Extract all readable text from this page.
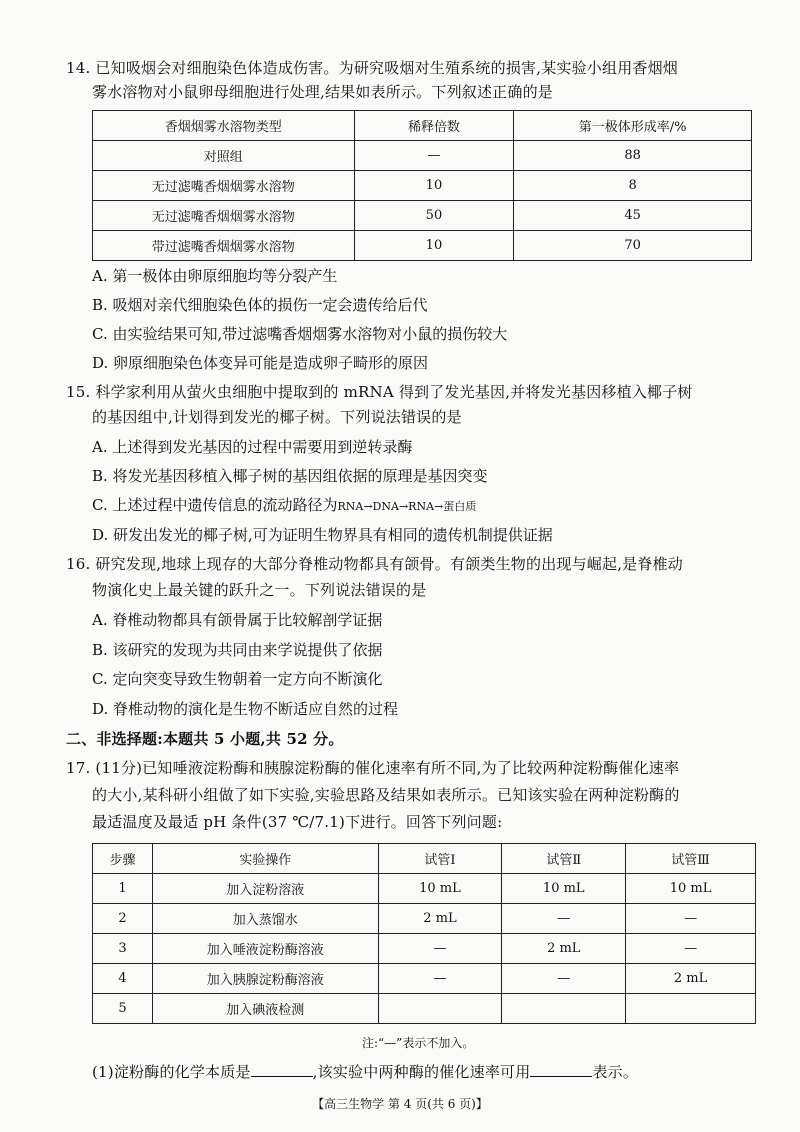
14. 已知吸烟会对细胞染色体造成伤害。为研究吸烟对生殖系统的损害,某实验小组用香烟烟
雾水溶物对小鼠卵母细胞进行处理,结果如表所示。下列叙述正确的是
香烟烟雾水溶物类型	稀释倍数	第一极体形成率/%
对照组	—	88
无过滤嘴香烟烟雾水溶物	10	8
无过滤嘴香烟烟雾水溶物	50	45
带过滤嘴香烟烟雾水溶物	10	70
A. 第一极体由卵原细胞均等分裂产生
B. 吸烟对亲代细胞染色体的损伤一定会遗传给后代
C. 由实验结果可知,带过滤嘴香烟烟雾水溶物对小鼠的损伤较大
D. 卵原细胞染色体变异可能是造成卵子畸形的原因
15. 科学家利用从萤火虫细胞中提取到的 mRNA 得到了发光基因,并将发光基因移植入椰子树
的基因组中,计划得到发光的椰子树。下列说法错误的是
A. 上述得到发光基因的过程中需要用到逆转录酶
B. 将发光基因移植入椰子树的基因组依据的原理是基因突变
C. 上述过程中遗传信息的流动路径为RNA→DNA→RNA→蛋白质
D. 研发出发光的椰子树,可为证明生物界具有相同的遗传机制提供证据
16. 研究发现,地球上现存的大部分脊椎动物都具有颌骨。有颌类生物的出现与崛起,是脊椎动
物演化史上最关键的跃升之一。下列说法错误的是
A. 脊椎动物都具有颌骨属于比较解剖学证据
B. 该研究的发现为共同由来学说提供了依据
C. 定向突变导致生物朝着一定方向不断演化
D. 脊椎动物的演化是生物不断适应自然的过程
二、非选择题:本题共 5 小题,共 52 分。
17. (11分)已知唾液淀粉酶和胰腺淀粉酶的催化速率有所不同,为了比较两种淀粉酶催化速率
的大小,某科研小组做了如下实验,实验思路及结果如表所示。已知该实验在两种淀粉酶的
最适温度及最适 pH 条件(37 ℃/7.1)下进行。回答下列问题:
步骤	实验操作	试管Ⅰ	试管Ⅱ	试管Ⅲ
1	加入淀粉溶液	10 mL	10 mL	10 mL
2	加入蒸馏水	2 mL	—	—
3	加入唾液淀粉酶溶液	—	2 mL	—
4	加入胰腺淀粉酶溶液	—	—	2 mL
5	加入碘液检测			
注:“—”表示不加入。
(1)淀粉酶的化学本质是	,该实验中两种酶的催化速率可用	表示。
【高三生物学 第 4 页(共 6 页)】
